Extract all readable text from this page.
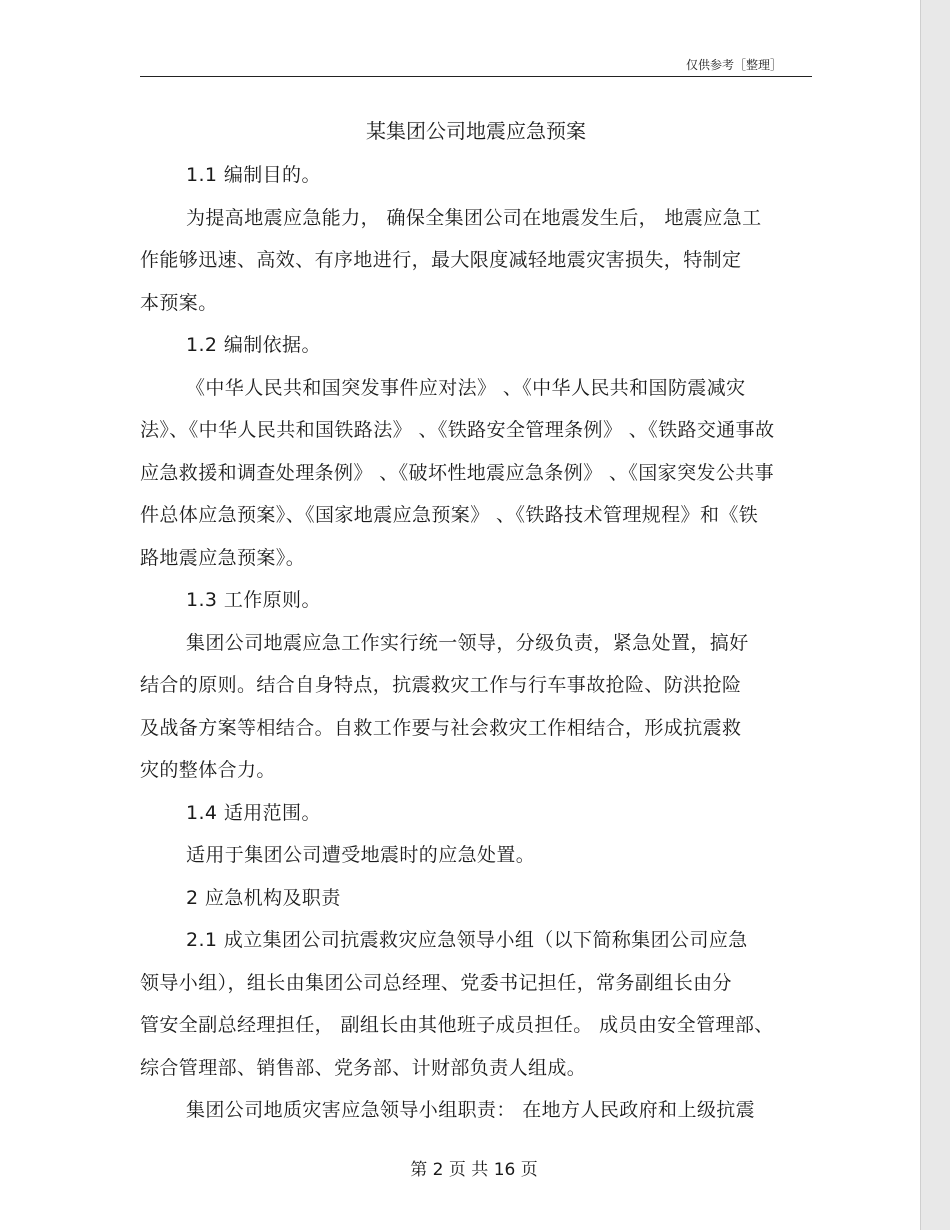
仅供参考［整理］
某集团公司地震应急预案

1.1 编制目的。

为提高地震应急能力， 确保全集团公司在地震发生后， 地震应急工
作能够迅速、高效、有序地进行，最大限度减轻地震灾害损失，特制定
本预案。

1.2 编制依据。

《中华人民共和国突发事件应对法》 、《中华人民共和国防震减灾
法》、《中华人民共和国铁路法》 、《铁路安全管理条例》 、《铁路交通事故
应急救援和调查处理条例》 、《破坏性地震应急条例》 、《国家突发公共事
件总体应急预案》、《国家地震应急预案》 、《铁路技术管理规程》和《铁
路地震应急预案》。

1.3 工作原则。

集团公司地震应急工作实行统一领导，分级负责，紧急处置，搞好
结合的原则。结合自身特点，抗震救灾工作与行车事故抢险、防洪抢险
及战备方案等相结合。自救工作要与社会救灾工作相结合，形成抗震救
灾的整体合力。

1.4 适用范围。

适用于集团公司遭受地震时的应急处置。

2 应急机构及职责

2.1 成立集团公司抗震救灾应急领导小组（以下简称集团公司应急
领导小组），组长由集团公司总经理、党委书记担任，常务副组长由分
管安全副总经理担任， 副组长由其他班子成员担任。 成员由安全管理部、
综合管理部、销售部、党务部、计财部负责人组成。

集团公司地质灾害应急领导小组职责： 在地方人民政府和上级抗震

第 2 页 共 16 页
